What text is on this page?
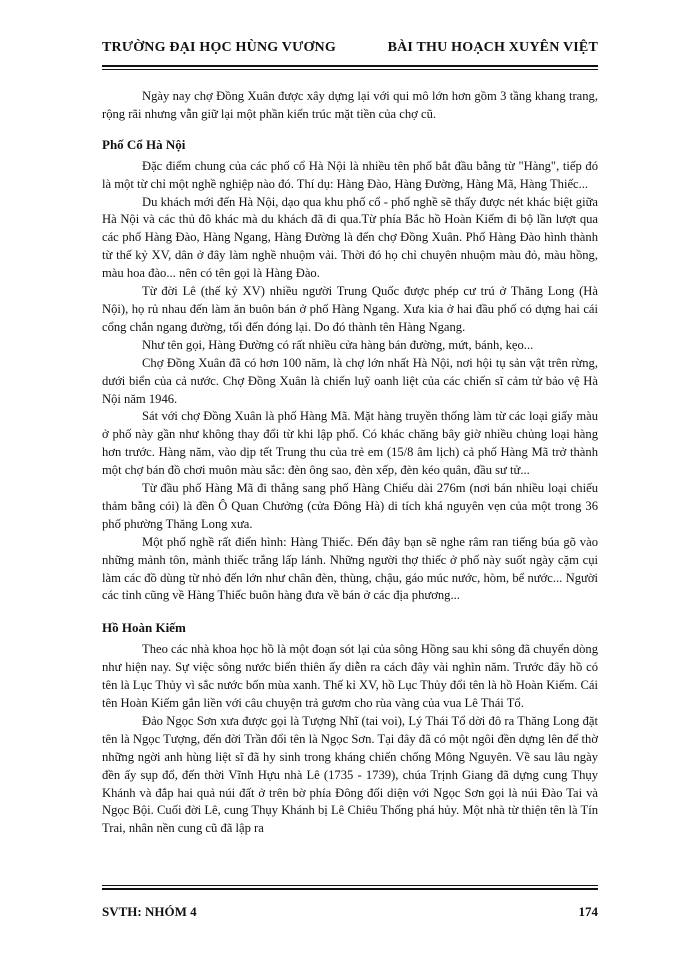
TRƯỜNG ĐẠI HỌC HÙNG VƯƠNG	BÀI THU HOẠCH XUYÊN VIỆT

Ngày nay chợ Đồng Xuân được xây dựng lại với qui mô lớn hơn gồm 3 tầng khang trang, rộng rãi nhưng vẫn giữ lại một phần kiến trúc mặt tiền của chợ cũ.

Phố Cổ Hà Nội

Đặc điểm chung của các phố cổ Hà Nội là nhiều tên phố bắt đầu bằng từ "Hàng", tiếp đó là một từ chỉ một nghề nghiệp nào đó. Thí dụ: Hàng Đào, Hàng Đường, Hàng Mã, Hàng Thiếc...

Du khách mới đến Hà Nội, dạo qua khu phố cổ - phố nghề sẽ thấy được nét khác biệt giữa Hà Nội và các thủ đô khác mà du khách đã đi qua.Từ phía Bắc hồ Hoàn Kiếm đi bộ lần lượt qua các phố Hàng Đào, Hàng Ngang, Hàng Đường là đến chợ Đồng Xuân. Phố Hàng Đào hình thành từ thế kỷ XV, dân ở đây làm nghề nhuộm vải. Thời đó họ chỉ chuyên nhuộm màu đỏ, màu hồng, màu hoa đào... nên có tên gọi là Hàng Đào.

Từ đời Lê (thế kỷ XV) nhiều người Trung Quốc được phép cư trú ở Thăng Long (Hà Nội), họ rủ nhau đến làm ăn buôn bán ở phố Hàng Ngang. Xưa kia ở hai đầu phố có dựng hai cái cổng chắn ngang đường, tối đến đóng lại. Do đó thành tên Hàng Ngang.

Như tên gọi, Hàng Đường có rất nhiều cửa hàng bán đường, mứt, bánh, kẹo...

Chợ Đồng Xuân đã có hơn 100 năm, là chợ lớn nhất Hà Nội, nơi hội tụ sản vật trên rừng, dưới biển của cả nước. Chợ Đồng Xuân là chiến luỹ oanh liệt của các chiến sĩ cảm tử bảo vệ Hà Nội năm 1946.

Sát với chợ Đồng Xuân là phố Hàng Mã. Mặt hàng truyền thống làm từ các loại giấy màu ở phố này gần như không thay đổi từ khi lập phố. Có khác chăng bây giờ nhiều chủng loại hàng hơn trước. Hàng năm, vào dịp tết Trung thu của trẻ em (15/8 âm lịch) cả phố Hàng Mã trở thành một chợ bán đồ chơi muôn màu sắc: đèn ông sao, đèn xếp, đèn kéo quân, đầu sư tử...

Từ đầu phố Hàng Mã đi thẳng sang phố Hàng Chiếu dài 276m (nơi bán nhiều loại chiếu thảm bằng cói) là đền Ô Quan Chưởng (cửa Đông Hà) di tích khá nguyên vẹn của một trong 36 phố phường Thăng Long xưa.

Một phố nghề rất điển hình: Hàng Thiếc. Đến đây bạn sẽ nghe râm ran tiếng búa gõ vào những mảnh tôn, mảnh thiếc trắng lấp lánh. Những người thợ thiếc ở phố này suốt ngày cặm cụi làm các đồ dùng từ nhỏ đến lớn như chân đèn, thùng, chậu, gáo múc nước, hòm, bể nước... Người các tỉnh cũng về Hàng Thiếc buôn hàng đưa về bán ở các địa phương...

Hồ Hoàn Kiếm

Theo các nhà khoa học hồ là một đoạn sót lại của sông Hồng sau khi sông đã chuyển dòng như hiện nay. Sự việc sông nước biến thiên ấy diễn ra cách đây vài nghìn năm. Trước đây hồ có tên là Lục Thủy vì sắc nước bốn mùa xanh. Thế kỉ XV, hồ Lục Thủy đổi tên là hồ Hoàn Kiếm. Cái tên Hoàn Kiếm gắn liền với câu chuyện trả gươm cho rùa vàng của vua Lê Thái Tổ.

Đảo Ngọc Sơn xưa được gọi là Tượng Nhĩ (tai voi), Lý Thái Tổ dời đô ra Thăng Long đặt tên là Ngọc Tượng, đến đời Trần đổi tên là Ngọc Sơn. Tại đây đã có một ngôi đền dựng lên để thờ những ngời anh hùng liệt sĩ đã hy sinh trong kháng chiến chống Mông Nguyên. Về sau lâu ngày đền ấy sụp đổ, đến thời Vĩnh Hựu nhà Lê (1735 - 1739), chúa Trịnh Giang đã dựng cung Thụy Khánh và đắp hai quả núi đất ở trên bờ phía Đông đối diện với Ngọc Sơn gọi là núi Đào Tai và Ngọc Bội. Cuối đời Lê, cung Thụy Khánh bị Lê Chiêu Thống phá hủy. Một nhà từ thiện tên là Tín Trai, nhân nền cung cũ đã lập ra

SVTH: NHÓM 4	174
